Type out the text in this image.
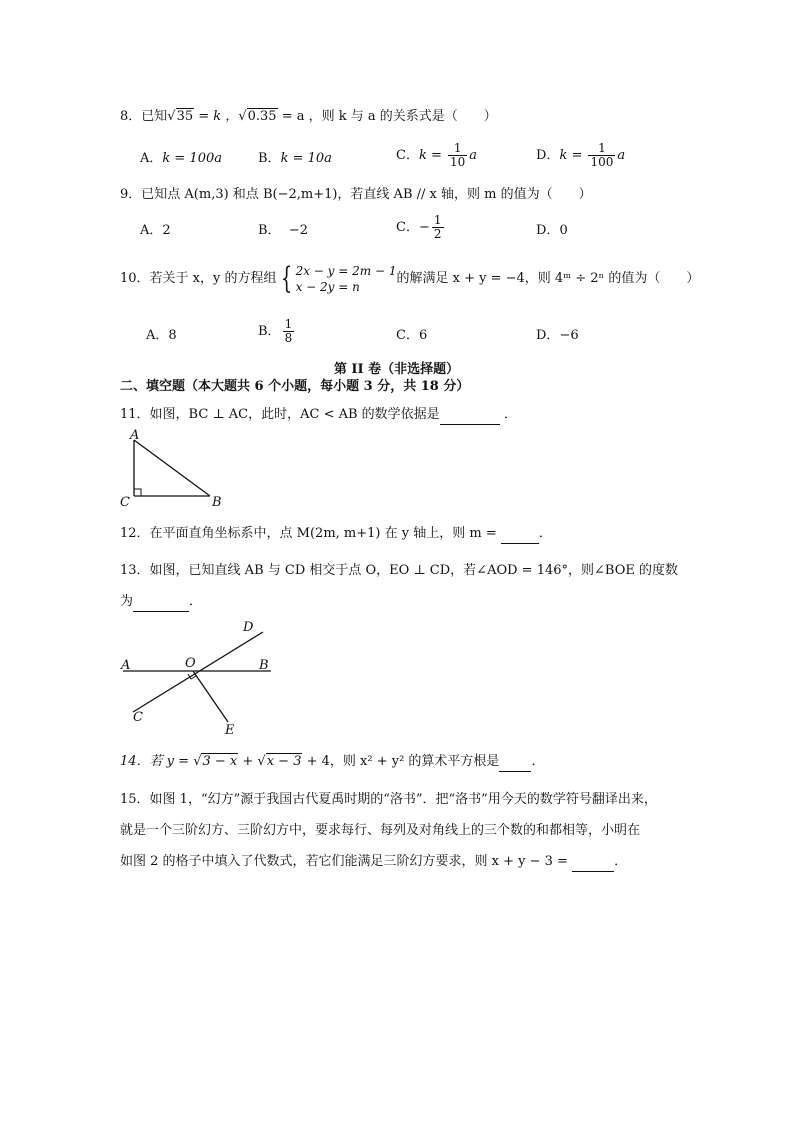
8．已知√35 = k ，√0.35 = a ，则 k 与 a 的关系式是（　　）
A．k = 100a	B．k = 10a	C．$k = \frac{1}{10}$ a	D．$k = \frac{1}{100}$ a
9．已知点 A(m,3) 和点 B(−2,m+1)，若直线 AB // x 轴，则 m 的值为（　　）
A．2	B． −2	C．− $\frac{1}{2}$	D．0
10．若关于 x，y 的方程组 { 2x − y = 2m − 1
x − 2y = n
的解满足 x + y = −4，则 4ᵐ ÷ 2ⁿ 的值为（　　）
A．8	B． $\frac{1}{8}$	C．6	D．−6
第 II 卷（非选择题）
二、填空题（本大题共 6 个小题，每小题 3 分，共 18 分）
11．如图，BC ⊥ AC，此时，AC < AB 的数学依据是	．
A
C	B
12．在平面直角坐标系中，点 M(2m, m+1) 在 y 轴上，则 m =	．
13．如图，已知直线 AB 与 CD 相交于点 O，EO ⊥ CD，若∠AOD = 146°，则∠BOE 的度数
为	．
A	O	B
D
C
E
14．若 y = √3 − x + √x − 3 + 4，则 x² + y² 的算术平方根是 ．
15．如图 1，“幻方”源于我国古代夏禹时期的“洛书”．把“洛书”用今天的数学符号翻译出来，
就是一个三阶幻方、三阶幻方中，要求每行、每列及对角线上的三个数的和都相等，小明在
如图 2 的格子中填入了代数式，若它们能满足三阶幻方要求，则 x + y − 3 =	．
